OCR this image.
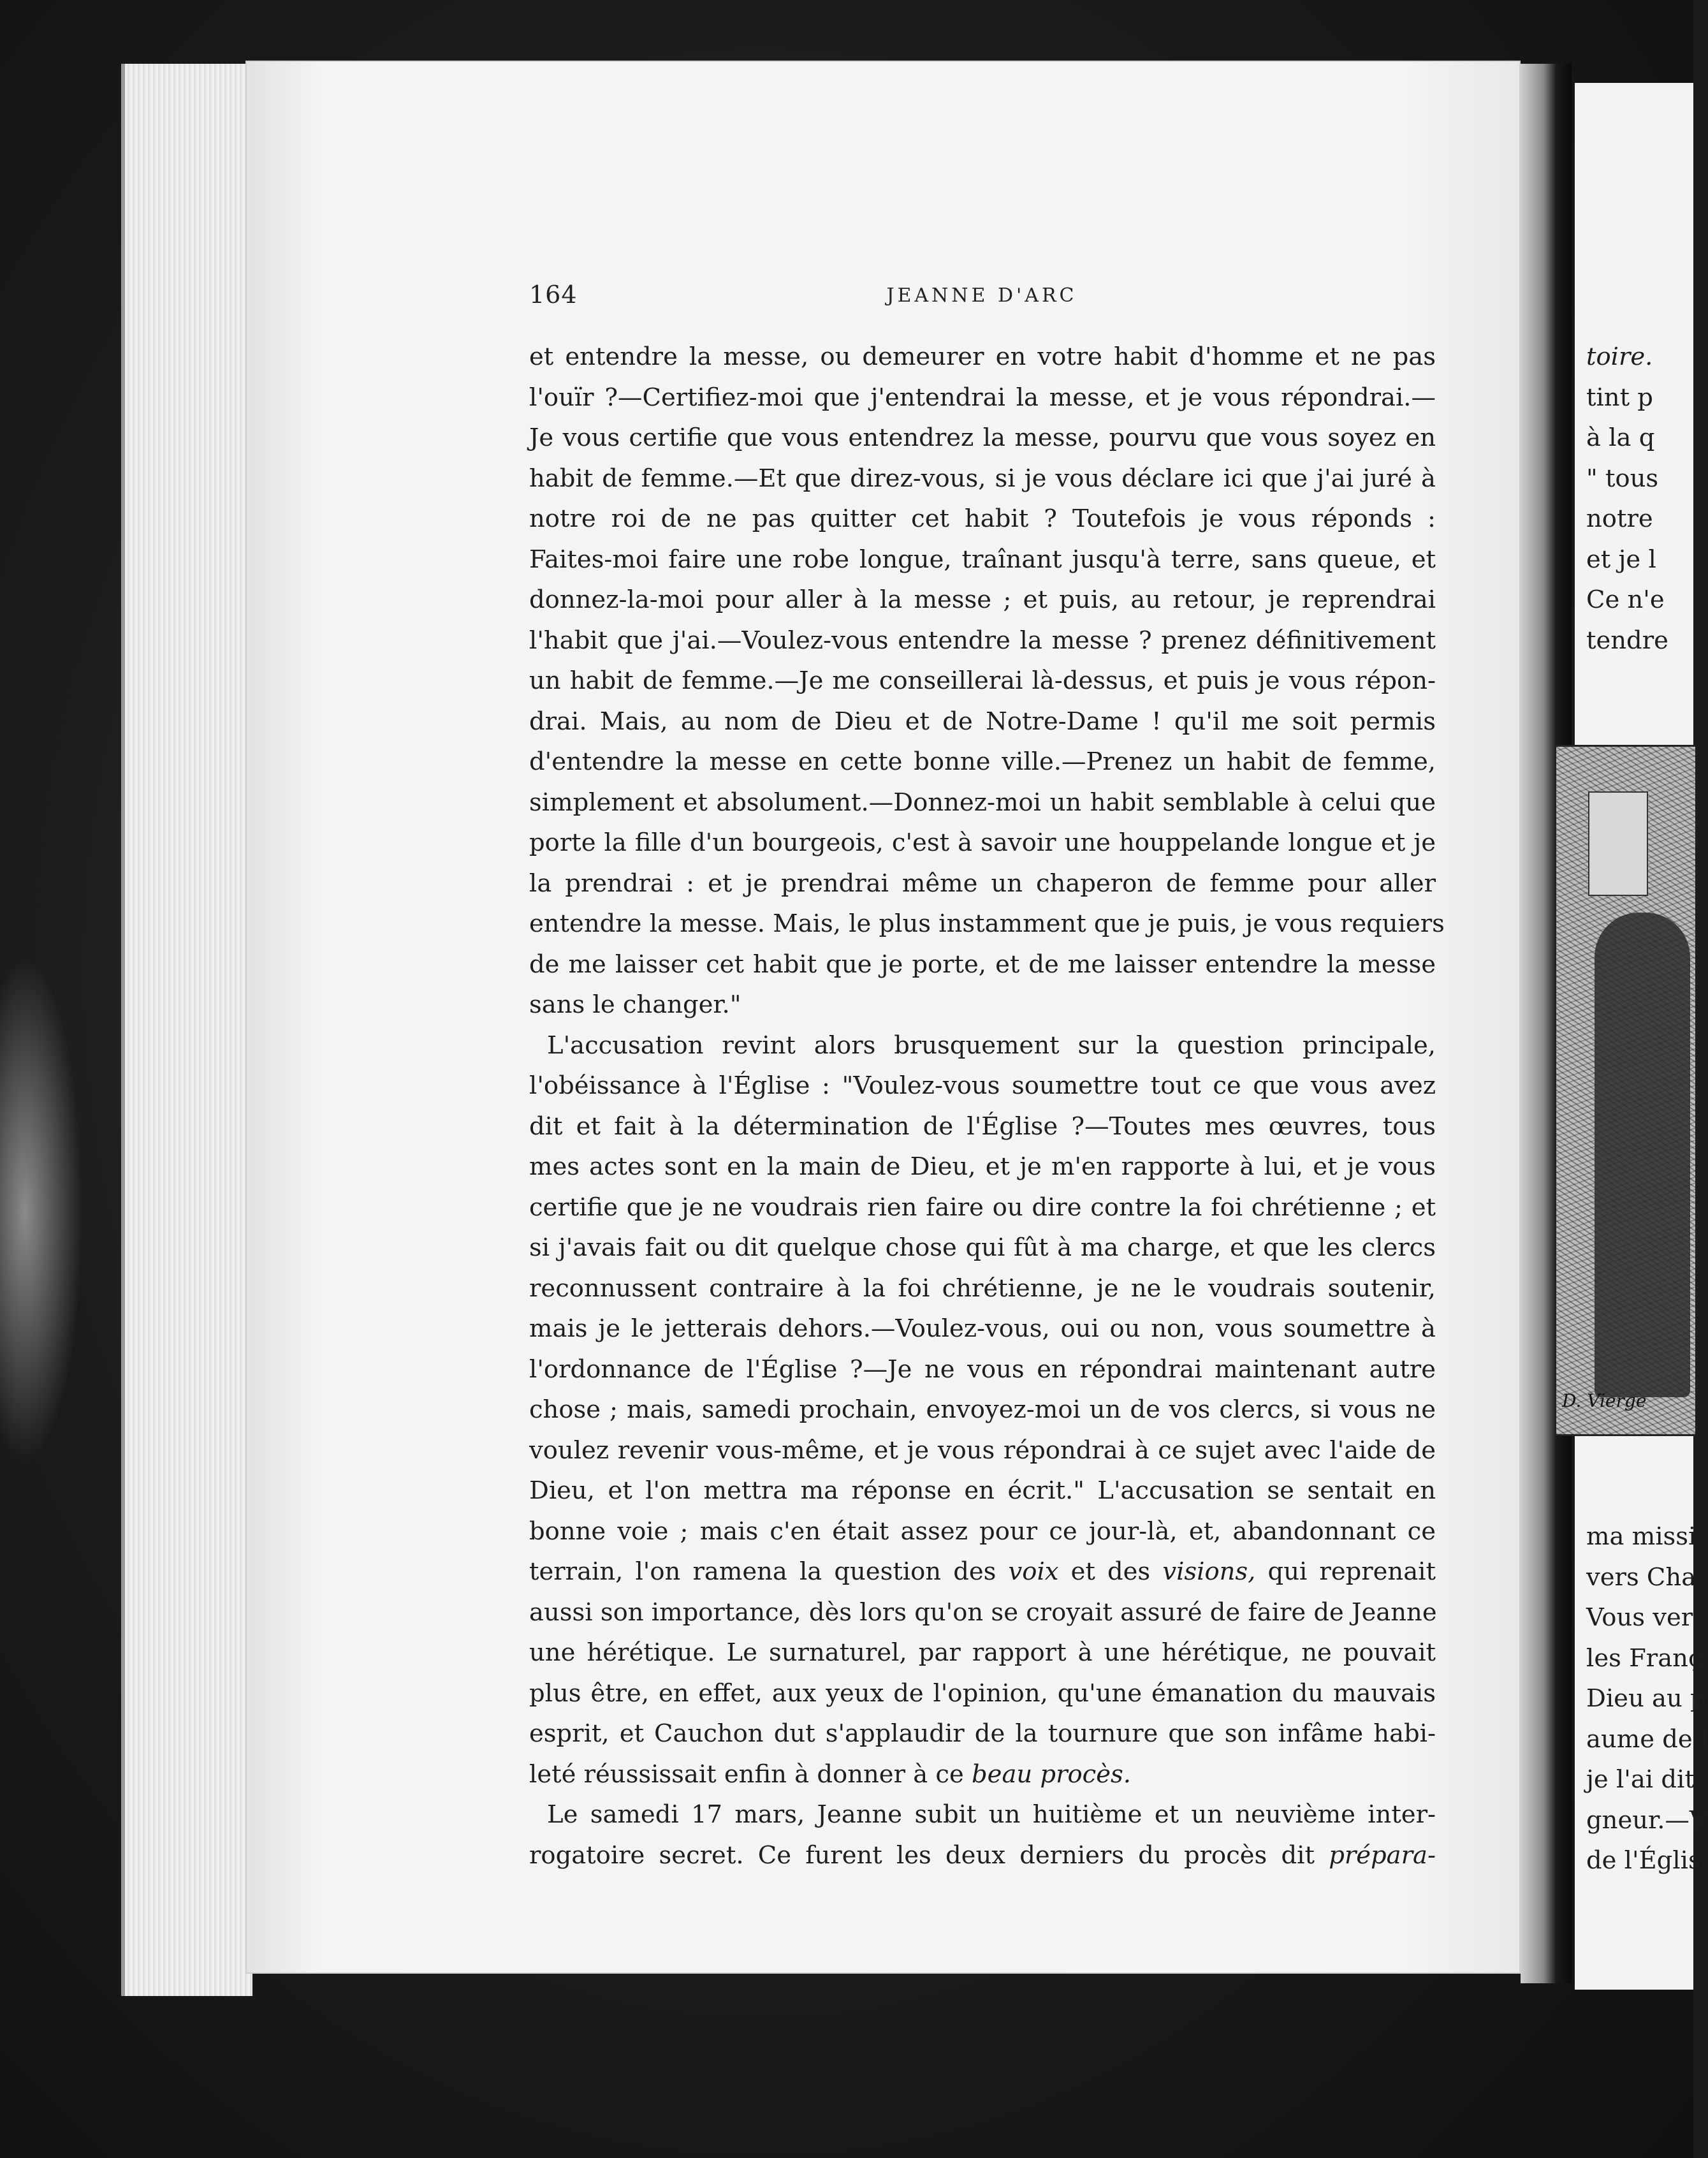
164	JEANNE D'ARC
et entendre la messe, ou demeurer en votre habit d'homme et ne pas
l'ouïr ?—Certifiez-moi que j'entendrai la messe, et je vous répondrai.—
Je vous certifie que vous entendrez la messe, pourvu que vous soyez en
habit de femme.—Et que direz-vous, si je vous déclare ici que j'ai juré à
notre roi de ne pas quitter cet habit ? Toutefois je vous réponds :
Faites-moi faire une robe longue, traînant jusqu'à terre, sans queue, et
donnez-la-moi pour aller à la messe ; et puis, au retour, je reprendrai
l'habit que j'ai.—Voulez-vous entendre la messe ? prenez définitivement
un habit de femme.—Je me conseillerai là-dessus, et puis je vous répon-
drai. Mais, au nom de Dieu et de Notre-Dame ! qu'il me soit permis
d'entendre la messe en cette bonne ville.—Prenez un habit de femme,
simplement et absolument.—Donnez-moi un habit semblable à celui que
porte la fille d'un bourgeois, c'est à savoir une houppelande longue et je
la prendrai : et je prendrai même un chaperon de femme pour aller
entendre la messe. Mais, le plus instamment que je puis, je vous requiers
de me laisser cet habit que je porte, et de me laisser entendre la messe
sans le changer."
L'accusation revint alors brusquement sur la question principale,
l'obéissance à l'Église : "Voulez-vous soumettre tout ce que vous avez
dit et fait à la détermination de l'Église ?—Toutes mes œuvres, tous
mes actes sont en la main de Dieu, et je m'en rapporte à lui, et je vous
certifie que je ne voudrais rien faire ou dire contre la foi chrétienne ; et
si j'avais fait ou dit quelque chose qui fût à ma charge, et que les clercs
reconnussent contraire à la foi chrétienne, je ne le voudrais soutenir,
mais je le jetterais dehors.—Voulez-vous, oui ou non, vous soumettre à
l'ordonnance de l'Église ?—Je ne vous en répondrai maintenant autre
chose ; mais, samedi prochain, envoyez-moi un de vos clercs, si vous ne
voulez revenir vous-même, et je vous répondrai à ce sujet avec l'aide de
Dieu, et l'on mettra ma réponse en écrit." L'accusation se sentait en
bonne voie ; mais c'en était assez pour ce jour-là, et, abandonnant ce
terrain, l'on ramena la question des voix et des visions, qui reprenait
aussi son importance, dès lors qu'on se croyait assuré de faire de Jeanne
une hérétique. Le surnaturel, par rapport à une hérétique, ne pouvait
plus être, en effet, aux yeux de l'opinion, qu'une émanation du mauvais
esprit, et Cauchon dut s'applaudir de la tournure que son infâme habi-
leté réussissait enfin à donner à ce beau procès.
Le samedi 17 mars, Jeanne subit un huitième et un neuvième inter-
rogatoire secret. Ce furent les deux derniers du procès dit prépara-
toire.
tint p
à la q
" tous
notre
et je l
Ce n'e
tendre
D. Vierge
ma missi
vers Cha
Vous ver
les Franç
Dieu au p
aume de l
je l'ai dit
gneur.—V
de l'Églis
